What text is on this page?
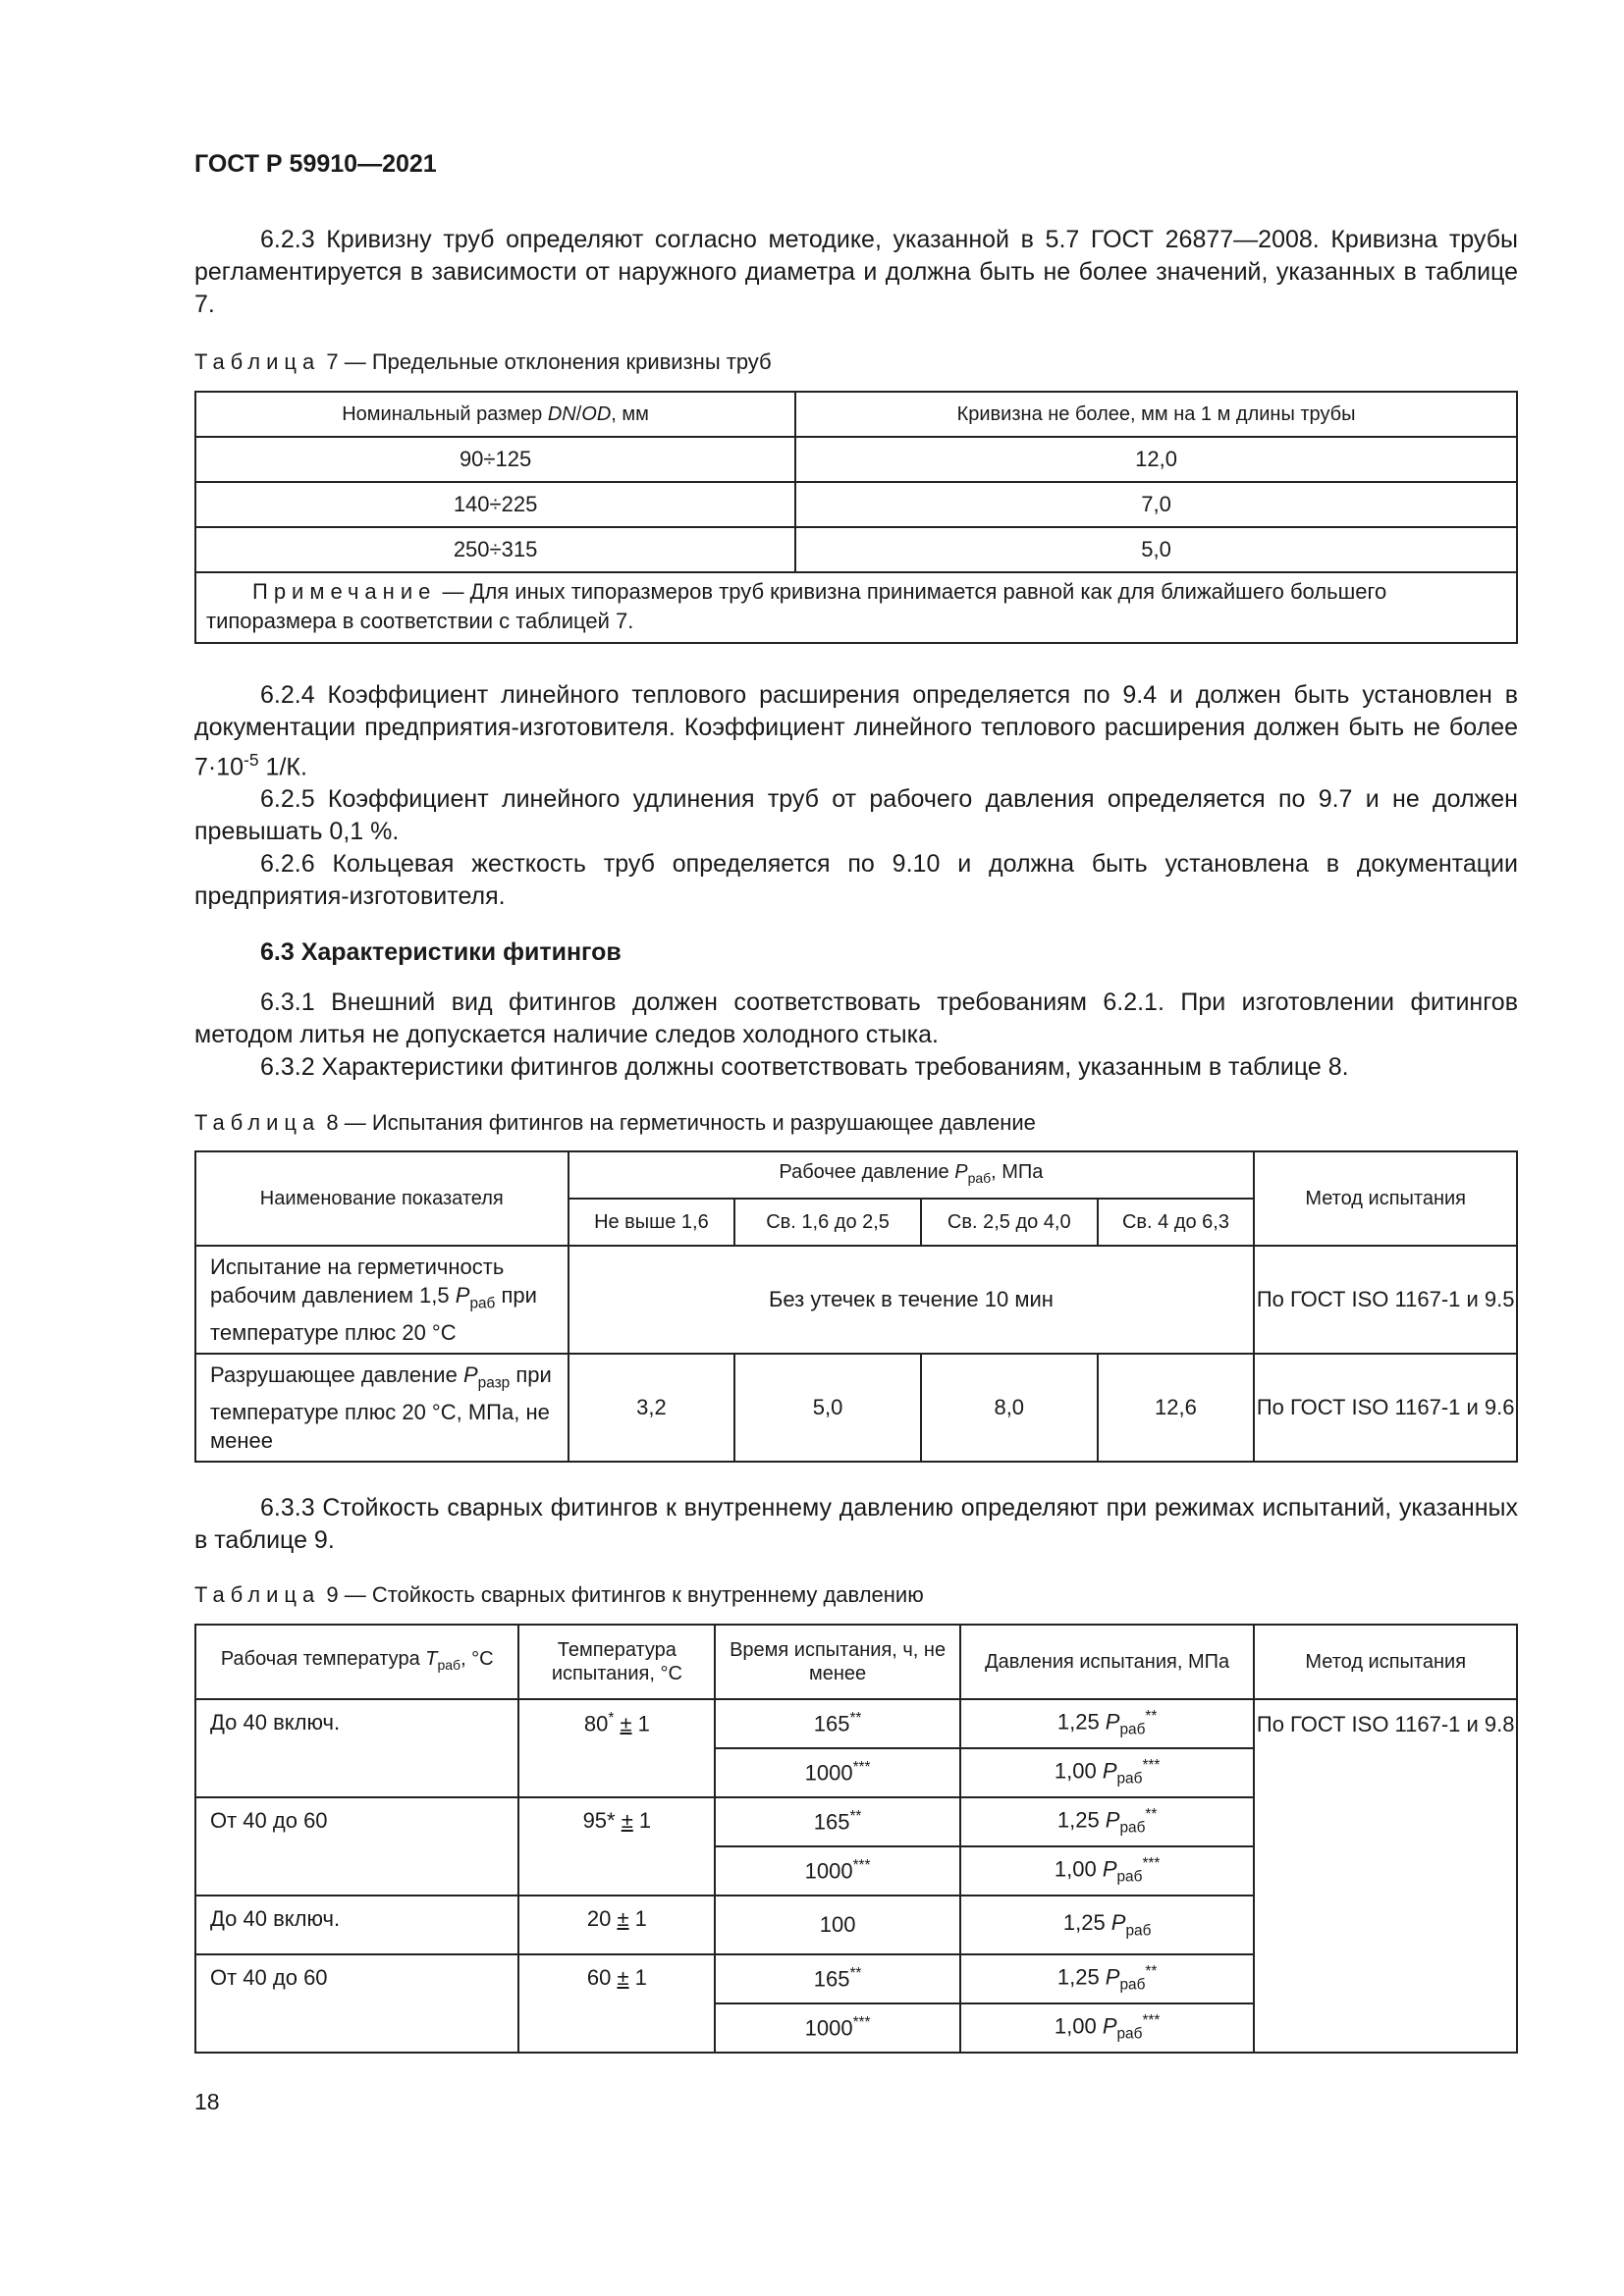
ГОСТ Р 59910—2021

6.2.3 Кривизну труб определяют согласно методике, указанной в 5.7 ГОСТ 26877—2008. Кривизна трубы регламентируется в зависимости от наружного диаметра и должна быть не более значений, указанных в таблице 7.

Таблица 7 — Предельные отклонения кривизны труб
Номинальный размер DN/OD, мм	Кривизна не более, мм на 1 м длины трубы
90÷125	12,0
140÷225	7,0
250÷315	5,0
Примечание — Для иных типоразмеров труб кривизна принимается равной как для ближайшего большего типоразмера в соответствии с таблицей 7.	

6.2.4 Коэффициент линейного теплового расширения определяется по 9.4 и должен быть установлен в документации предприятия-изготовителя. Коэффициент линейного теплового расширения должен быть не более $7\cdot 10^{-5}$ 1/К.

6.2.5 Коэффициент линейного удлинения труб от рабочего давления определяется по 9.7 и не должен превышать 0,1 %.

6.2.6 Кольцевая жесткость труб определяется по 9.10 и должна быть установлена в документации предприятия-изготовителя.

6.3 Характеристики фитингов

6.3.1 Внешний вид фитингов должен соответствовать требованиям 6.2.1. При изготовлении фитингов методом литья не допускается наличие следов холодного стыка.

6.3.2 Характеристики фитингов должны соответствовать требованиям, указанным в таблице 8.

Таблица 8 — Испытания фитингов на герметичность и разрушающее давление
Наименование показателя	Рабочее давление $P_{раб}$, МПа				Метод испытания
	Не выше 1,6	Св. 1,6 до 2,5	Св. 2,5 до 4,0	Св. 4 до 6,3	
Испытание на герметичность рабочим давлением 1,5 $P_{раб}$ при температуре плюс 20 °С	Без утечек в течение 10 мин				По ГОСТ ISO 1167-1 и 9.5
Разрушающее давление $P_{разр}$ при температуре плюс 20 °С, МПа, не менее	3,2	5,0	8,0	12,6	По ГОСТ ISO 1167-1 и 9.6

6.3.3 Стойкость сварных фитингов к внутреннему давлению определяют при режимах испытаний, указанных в таблице 9.

Таблица 9 — Стойкость сварных фитингов к внутреннему давлению
Рабочая температура $T_{раб}$, °С	Температура испытания, °С	Время испытания, ч, не менее	Давления испытания, МПа	Метод испытания
До 40 включ.	80* ± 1	165**	1,25 $P_{раб}^{**}$	По ГОСТ ISO 1167-1 и 9.8
		1000***	1,00 $P_{раб}^{***}$
От 40 до 60	95* ± 1	165**	1,25 $P_{раб}^{**}$
		1000***	1,00 $P_{раб}^{***}$
До 40 включ.	20 ± 1	100	1,25 $P_{раб}$
От 40 до 60	60 ± 1	165**	1,25 $P_{раб}^{**}$
		1000***	1,00 $P_{раб}^{***}$
18
